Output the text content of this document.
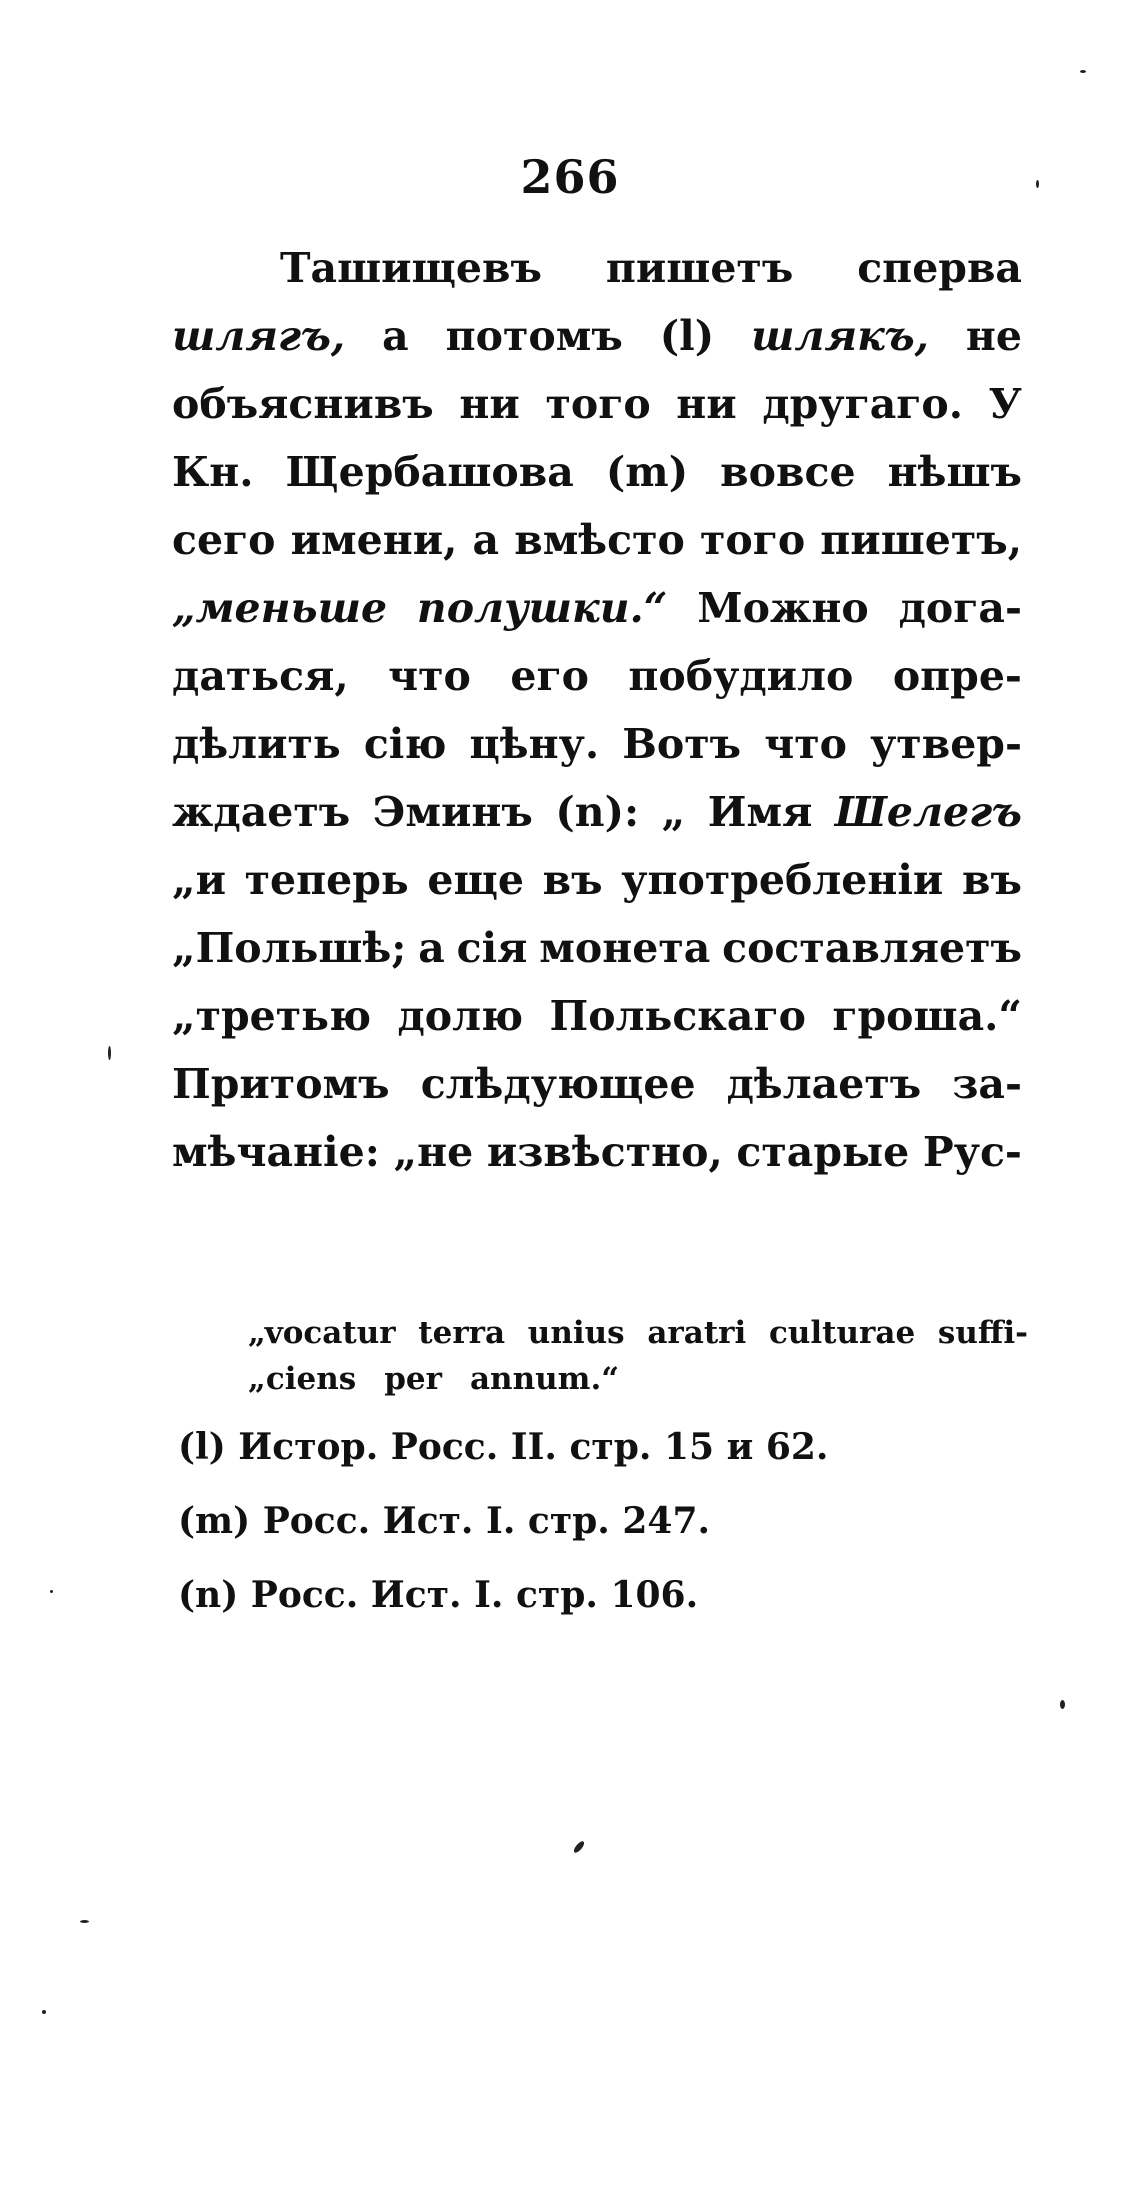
266
Ташищевъ пишетъ сперва
шлягъ, а потомъ (l) шлякъ, не
объяснивъ ни того ни другаго. У
Кн. Щербашова (m) вовсе нѣшъ
сего имени, а вмѣсто того пишетъ,
„меньше полушки.“ Можно дога-
даться, что его побудило опре-
дѣлить сію цѣну. Вотъ что утвер-
ждаетъ Эминъ (n): „ Имя Шелегъ
„и теперь еще въ употребленіи въ
„Польшѣ; а сія монета составляетъ
„третью долю Польскаго гроша.“
Притомъ слѣдующее дѣлаетъ за-
мѣчаніе: „не извѣстно, старые Рус-
„vocatur terra unius aratri culturae suffi-
„ciens per annum.“
(l) Истор. Росс. II. стр. 15 и 62.
(m) Росс. Ист. I. стр. 247.
(n) Росс. Ист. I. стр. 106.
